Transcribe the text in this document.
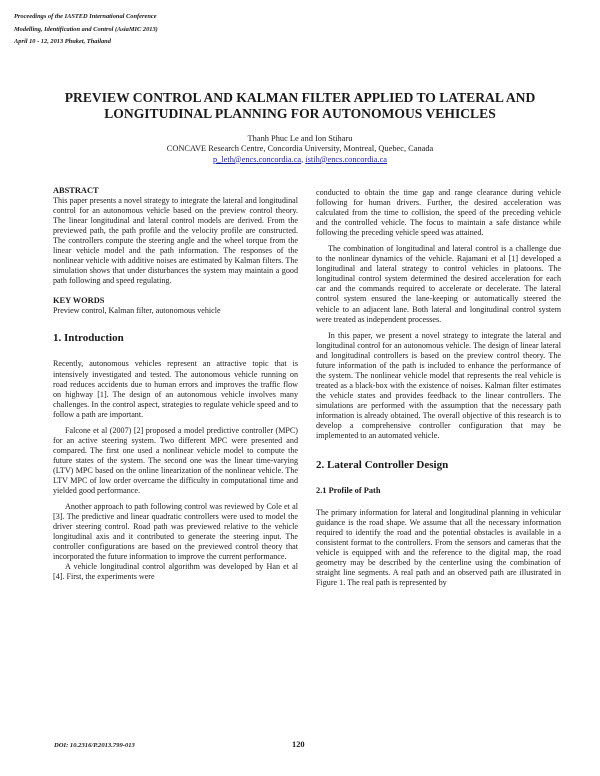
Proceedings of the IASTED International Conference
Modelling, Identification and Control (AsiaMIC 2013)
April 10 - 12, 2013 Phuket, Thailand
PREVIEW CONTROL AND KALMAN FILTER APPLIED TO LATERAL AND
LONGITUDINAL PLANNING FOR AUTONOMOUS VEHICLES
Thanh Phuc Le and Ion Stiharu
CONCAVE Research Centre, Concordia University, Montreal, Quebec, Canada
p_leth@encs.concordia.ca, istih@encs.concordia.ca
ABSTRACT

This paper presents a novel strategy to integrate the lateral and longitudinal control for an autonomous vehicle based on the preview control theory. The linear longitudinal and lateral control models are derived. From the previewed path, the path profile and the velocity profile are constructed. The controllers compute the steering angle and the wheel torque from the linear vehicle model and the path information. The responses of the nonlinear vehicle with additive noises are estimated by Kalman filters. The simulation shows that under disturbances the system may maintain a good path following and speed regulating.

KEY WORDS

Preview control, Kalman filter, autonomous vehicle

1. Introduction

Recently, autonomous vehicles represent an attractive topic that is intensively investigated and tested. The autonomous vehicle running on road reduces accidents due to human errors and improves the traffic flow on highway [1]. The design of an autonomous vehicle involves many challenges. In the control aspect, strategies to regulate vehicle speed and to follow a path are important.

Falcone et al (2007) [2] proposed a model predictive controller (MPC) for an active steering system. Two different MPC were presented and compared. The first one used a nonlinear vehicle model to compute the future states of the system. The second one was the linear time-varying (LTV) MPC based on the online linearization of the nonlinear vehicle. The LTV MPC of low order overcame the difficulty in computational time and yielded good performance.

Another approach to path following control was reviewed by Cole et al [3]. The predictive and linear quadratic controllers were used to model the driver steering control. Road path was previewed relative to the vehicle longitudinal axis and it contributed to generate the steering input. The controller configurations are based on the previewed control theory that incorporated the future information to improve the current performance.

A vehicle longitudinal control algorithm was developed by Han et al [4]. First, the experiments were

conducted to obtain the time gap and range clearance during vehicle following for human drivers. Further, the desired acceleration was calculated from the time to collision, the speed of the preceding vehicle and the controlled vehicle. The focus to maintain a safe distance while following the preceding vehicle speed was attained.

The combination of longitudinal and lateral control is a challenge due to the nonlinear dynamics of the vehicle. Rajamani et al [1] developed a longitudinal and lateral strategy to control vehicles in platoons. The longitudinal control system determined the desired acceleration for each car and the commands required to accelerate or decelerate. The lateral control system ensured the lane-keeping or automatically steered the vehicle to an adjacent lane. Both lateral and longitudinal control system were treated as independent processes.

In this paper, we present a novel strategy to integrate the lateral and longitudinal control for an autonomous vehicle. The design of linear lateral and longitudinal controllers is based on the preview control theory. The future information of the path is included to enhance the performance of the system. The nonlinear vehicle model that represents the real vehicle is treated as a black-box with the existence of noises. Kalman filter estimates the vehicle states and provides feedback to the linear controllers. The simulations are performed with the assumption that the necessary path information is already obtained. The overall objective of this research is to develop a comprehensive controller configuration that may be implemented to an automated vehicle.

2. Lateral Controller Design
2.1 Profile of Path

The primary information for lateral and longitudinal planning in vehicular guidance is the road shape. We assume that all the necessary information required to identify the road and the potential obstacles is available in a consistent format to the controllers. From the sensors and cameras that the vehicle is equipped with and the reference to the digital map, the road geometry may be described by the centerline using the combination of straight line segments. A real path and an observed path are illustrated in Figure 1. The real path is represented by

DOI: 10.2316/P.2013.799-013	120
